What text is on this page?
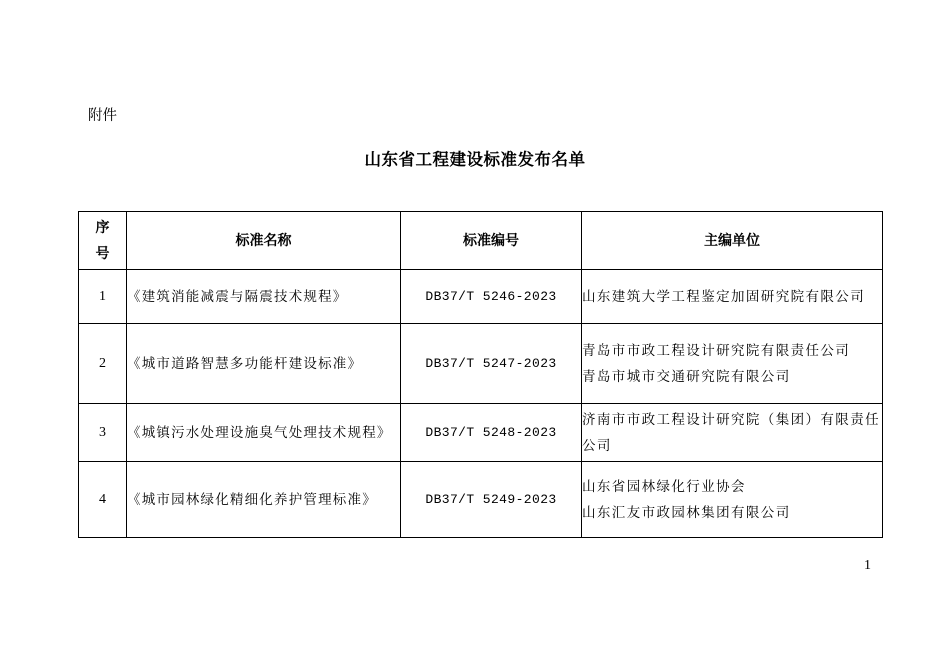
附件
山东省工程建设标准发布名单
序
号	标准名称	标准编号	主编单位
1	《建筑消能减震与隔震技术规程》	DB37/T 5246-2023	山东建筑大学工程鉴定加固研究院有限公司

2	《城市道路智慧多功能杆建设标准》	DB37/T 5247-2023	青岛市市政工程设计研究院有限责任公司
青岛市城市交通研究院有限公司

3	《城镇污水处理设施臭气处理技术规程》	DB37/T 5248-2023	济南市市政工程设计研究院（集团）有限责任公司

4	《城市园林绿化精细化养护管理标准》	DB37/T 5249-2023	山东省园林绿化行业协会
山东汇友市政园林集团有限公司
1
